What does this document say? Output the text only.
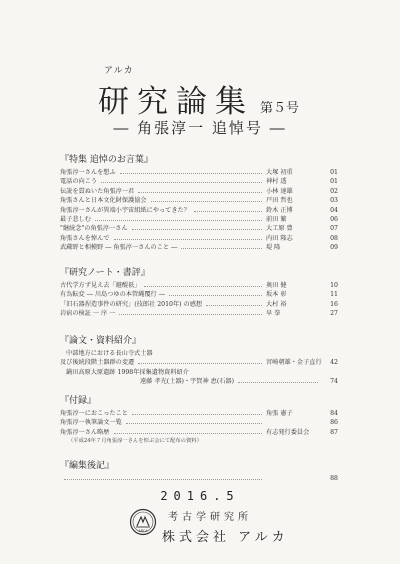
アルカ
研究論集 第５号
― 角張淳一 追悼号 ―
『特集 追悼のお言葉』
角張淳一さんを想ふ	大塚 初重	01
電話の向こう	神村 透	01
伝説を貫ぬいた角張淳一君	小林 達雄	02
角張さんと日本文化財保護協会	戸田 哲也	03
角張淳一さんが異端小宇宙組紙にやってきた？	鈴木 正博	04
最子悲しむ	前田 繁	06
"継続念"の角張淳一さん	大工原 豊	07
角張さんを悼んで	内田 隆志	08
武蔵野と相模野 ― 角張淳一さんのこと ―	堤 隆	09
『研究ノート・書評』
古代学方ず見え去「避醍祇」	奥田 健	10
有為転変 ― 川島つゆの本管縄覆行 ―	坂本 彰	11
「旧石器捏造事件の研究」(技郎社 2010年) の感想	大村 裕	16
岩宿の検証 一 序 一	早 拳	27
『論文・資料紹介』
中部地方における長山寺式土器
及び後続段階土器群の変遷	宮崎朝雄・金子直行	42
鍋田高原大原遺跡 1998年採集遺物資料紹介
遠藤 孝光(土器)・宇賀神 恵(石器)	74
『付録』
角張淳一におこったこと	角張 憲子	84
角張淳一執筆論文一覧	86
角張淳一さん略歴	有志発行委員会	87
（平成24年７月角張淳一さんを悼ぶ会にて配布の資料）
『編集後記』
88
2016.5
ARCA
考古学研究所
株式会社 アルカ
